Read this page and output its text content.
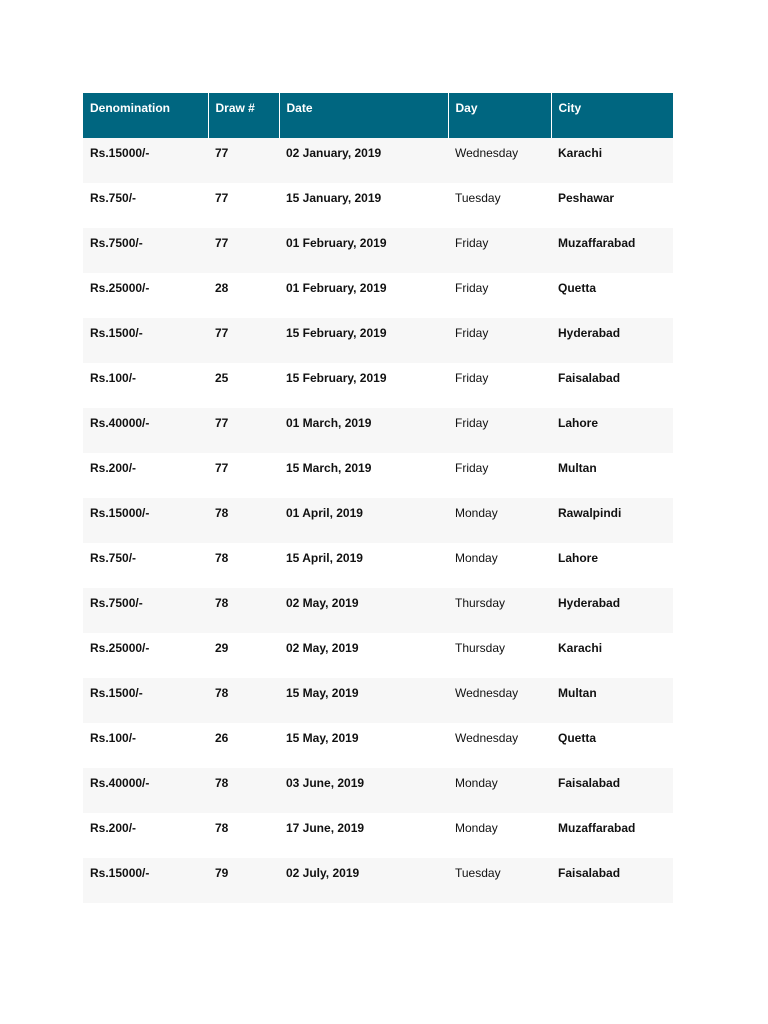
Denomination	Draw #	Date	Day	City
Rs.15000/-	77	02 January, 2019	Wednesday	Karachi
Rs.750/-	77	15 January, 2019	Tuesday	Peshawar
Rs.7500/-	77	01 February, 2019	Friday	Muzaffarabad
Rs.25000/-	28	01 February, 2019	Friday	Quetta
Rs.1500/-	77	15 February, 2019	Friday	Hyderabad
Rs.100/-	25	15 February, 2019	Friday	Faisalabad
Rs.40000/-	77	01 March, 2019	Friday	Lahore
Rs.200/-	77	15 March, 2019	Friday	Multan
Rs.15000/-	78	01 April, 2019	Monday	Rawalpindi
Rs.750/-	78	15 April, 2019	Monday	Lahore
Rs.7500/-	78	02 May, 2019	Thursday	Hyderabad
Rs.25000/-	29	02 May, 2019	Thursday	Karachi
Rs.1500/-	78	15 May, 2019	Wednesday	Multan
Rs.100/-	26	15 May, 2019	Wednesday	Quetta
Rs.40000/-	78	03 June, 2019	Monday	Faisalabad
Rs.200/-	78	17 June, 2019	Monday	Muzaffarabad
Rs.15000/-	79	02 July, 2019	Tuesday	Faisalabad
